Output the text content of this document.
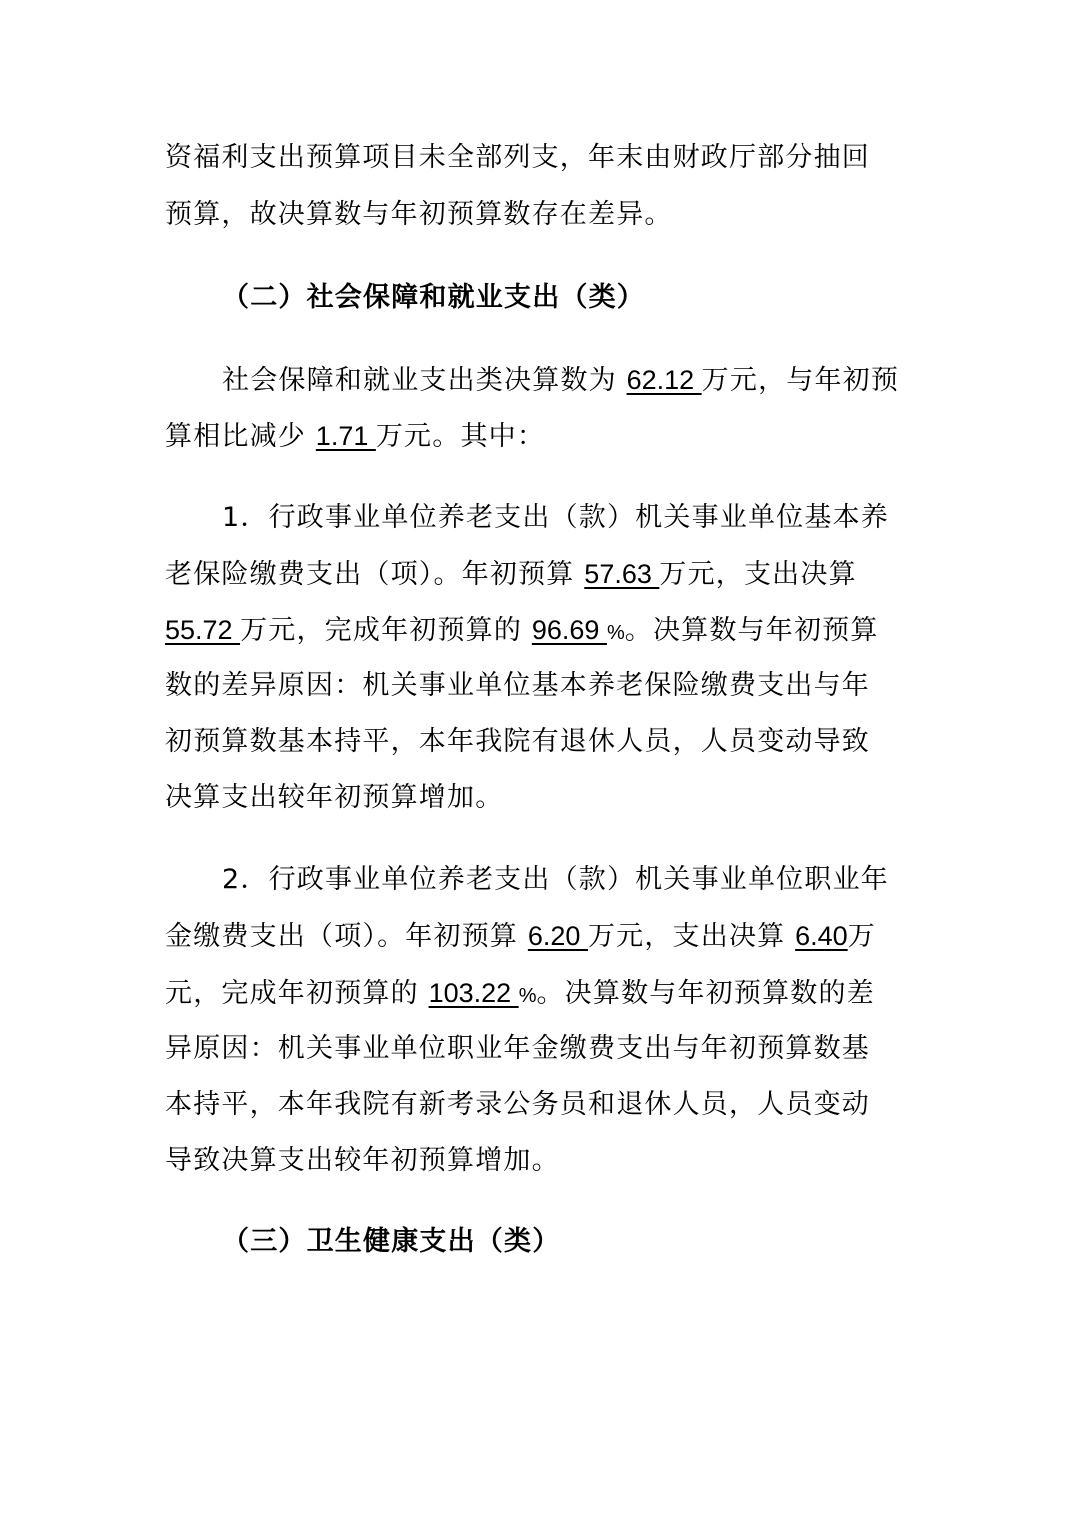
资福利支出预算项目未全部列支，年末由财政厅部分抽回
预算，故决算数与年初预算数存在差异。
（二）社会保障和就业支出（类）
社会保障和就业支出类决算数为 62.12 万元，与年初预
算相比减少 1.71 万元。其中：
1．行政事业单位养老支出（款）机关事业单位基本养
老保险缴费支出（项）。年初预算 57.63 万元，支出决算
55.72 万元，完成年初预算的 96.69 %。决算数与年初预算
数的差异原因：机关事业单位基本养老保险缴费支出与年
初预算数基本持平，本年我院有退休人员，人员变动导致
决算支出较年初预算增加。
2．行政事业单位养老支出（款）机关事业单位职业年
金缴费支出（项）。年初预算 6.20 万元，支出决算 6.40万
元，完成年初预算的 103.22 %。决算数与年初预算数的差
异原因：机关事业单位职业年金缴费支出与年初预算数基
本持平，本年我院有新考录公务员和退休人员，人员变动
导致决算支出较年初预算增加。
（三）卫生健康支出（类）
